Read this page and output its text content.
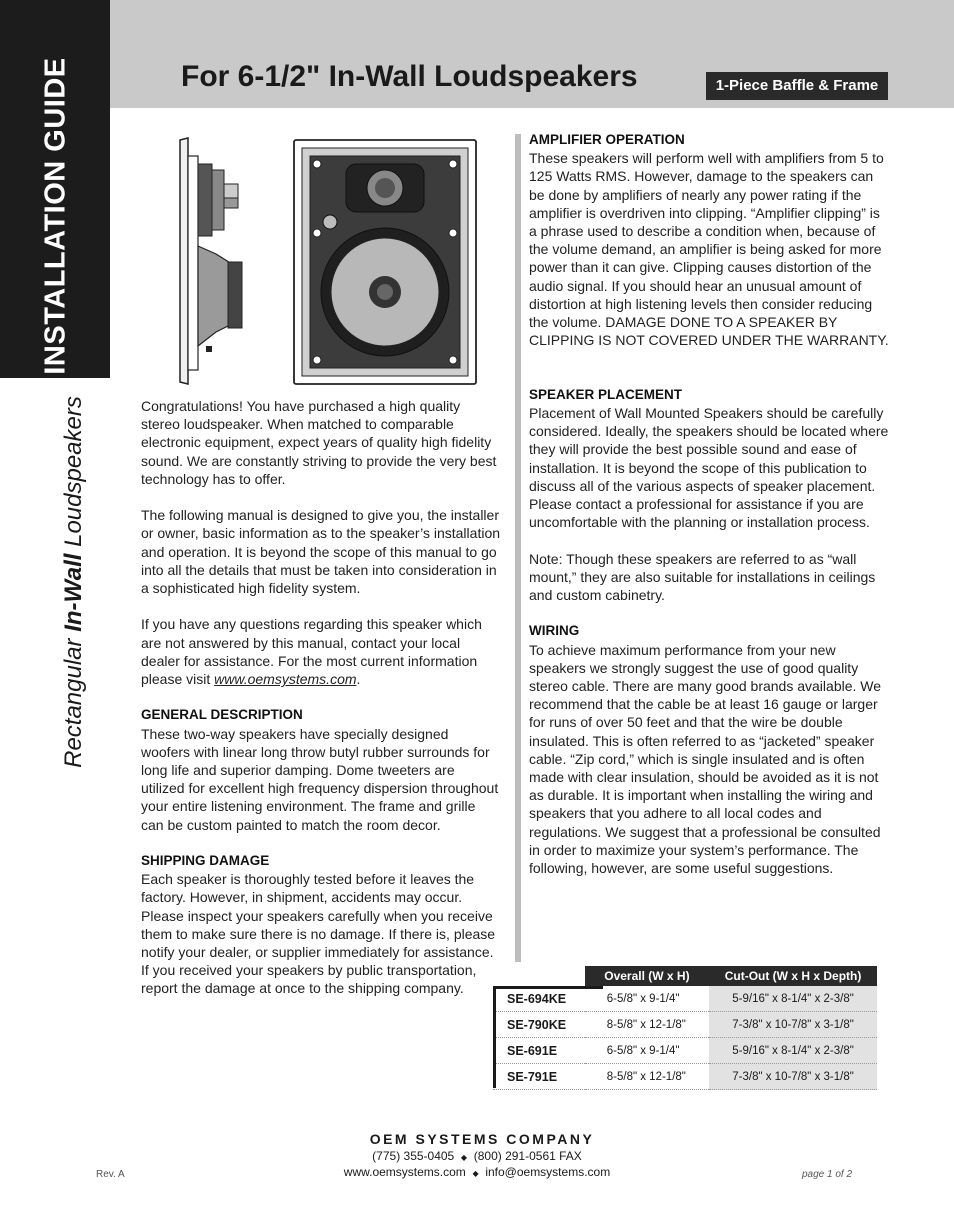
INSTALLATION GUIDE
Rectangular In-Wall Loudspeakers
For 6-1/2" In-Wall Loudspeakers	1-Piece Baffle & Frame

Congratulations! You have purchased a high quality stereo loudspeaker. When matched to comparable electronic equipment, expect years of quality high fidelity sound. We are constantly striving to provide the very best technology has to offer.

The following manual is designed to give you, the installer or owner, basic information as to the speaker’s installation and operation. It is beyond the scope of this manual to go into all the details that must be taken into consideration in a sophisticated high fidelity system.

If you have any questions regarding this speaker which are not answered by this manual, contact your local dealer for assistance. For the most current information please visit www.oemsystems.com.

GENERAL DESCRIPTION

These two-way speakers have specially designed woofers with linear long throw butyl rubber surrounds for long life and superior damping. Dome tweeters are utilized for excellent high frequency dispersion throughout your entire listening environment. The frame and grille can be custom painted to match the room decor.

SHIPPING DAMAGE

Each speaker is thoroughly tested before it leaves the factory. However, in shipment, accidents may occur. Please inspect your speakers carefully when you receive them to make sure there is no damage. If there is, please notify your dealer, or supplier immediately for assistance. If you received your speakers by public transportation, report the damage at once to the shipping company.

AMPLIFIER OPERATION

These speakers will perform well with amplifiers from 5 to 125 Watts RMS. However, damage to the speakers can be done by amplifiers of nearly any power rating if the amplifier is overdriven into clipping. “Amplifier clipping” is a phrase used to describe a condition when, because of the volume demand, an amplifier is being asked for more power than it can give. Clipping causes distortion of the audio signal. If you should hear an unusual amount of distortion at high listening levels then consider reducing the volume. DAMAGE DONE TO A SPEAKER BY CLIPPING IS NOT COVERED UNDER THE WARRANTY.

SPEAKER PLACEMENT

Placement of Wall Mounted Speakers should be carefully considered. Ideally, the speakers should be located where they will provide the best possible sound and ease of installation. It is beyond the scope of this publication to discuss all of the various aspects of speaker placement. Please contact a professional for assistance if you are uncomfortable with the planning or installation process.

Note: Though these speakers are referred to as “wall mount,” they are also suitable for installations in ceilings and custom cabinetry.

WIRING

To achieve maximum performance from your new speakers we strongly suggest the use of good quality stereo cable. There are many good brands available. We recommend that the cable be at least 16 gauge or larger for runs of over 50 feet and that the wire be double insulated. This is often referred to as “jacketed” speaker cable. “Zip cord,” which is single insulated and is often made with clear insulation, should be avoided as it is not as durable. It is important when installing the wiring and speakers that you adhere to all local codes and regulations. We suggest that a professional be consulted in order to maximize your system’s performance. The following, however, are some useful suggestions.

	Overall (W x H)	Cut-Out (W x H x Depth)
SE-694KE	6-5/8" x 9-1/4"	5-9/16" x 8-1/4" x 2-3/8"
SE-790KE	8-5/8" x 12-1/8"	7-3/8" x 10-7/8" x 3-1/8"
SE-691E	6-5/8" x 9-1/4"	5-9/16" x 8-1/4" x 2-3/8"
SE-791E	8-5/8" x 12-1/8"	7-3/8" x 10-7/8" x 3-1/8"
OEM SYSTEMS COMPANY
(775) 355-0405 ◆ (800) 291-0561 FAX
www.oemsystems.com ◆ info@oemsystems.com
Rev. A	page 1 of 2
